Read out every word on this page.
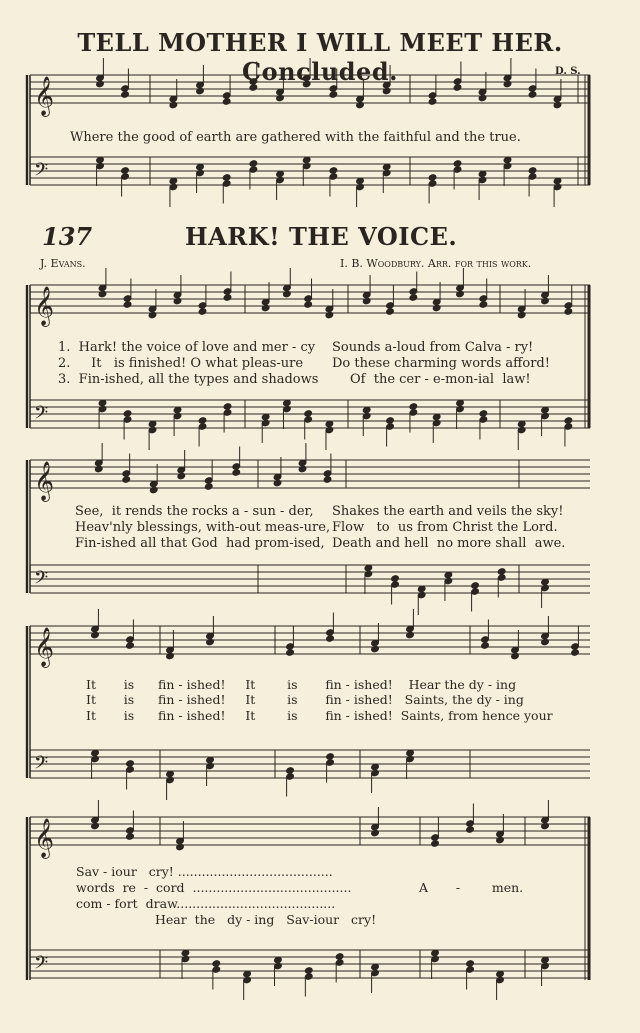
𝄞
𝄢
𝄞
𝄢
𝄞
𝄢
𝄞
𝄢
𝄞
𝄢
TELL MOTHER I WILL MEET HER. Concluded.	D. S.
Where the good of earth are gathered with the faithful and the true.
137	HARK! THE VOICE.
J. Evans.	I. B. Woodbury. Arr. for this work.
1.  Hark! the voice of love and mer - cy Sounds a-loud from Calva - ry!
2.     It   is finished! O what pleas-ure Do these charming words afford!
3.  Fin-ished, all the types and shadows Of  the cer - e-mon-ial  law!
See,  it rends the rocks a - sun - der, Shakes the earth and veils the sky!
Heav'nly blessings, with-out meas-ure, Flow   to  us from Christ the Lord.
Fin-ished all that God  had prom-ised, Death and hell  no more shall  awe.
It       is      fin - ished!     It        is       fin - ished!    Hear the dy - ing
It       is      fin - ished!     It        is       fin - ished!   Saints, the dy - ing
It       is      fin - ished!     It        is       fin - ished!  Saints, from hence your
Sav - iour   cry! .......................................
words  re  -  cord  ........................................                 A       -        men.
com - fort  draw........................................
Hear  the   dy - ing   Sav-iour   cry!
